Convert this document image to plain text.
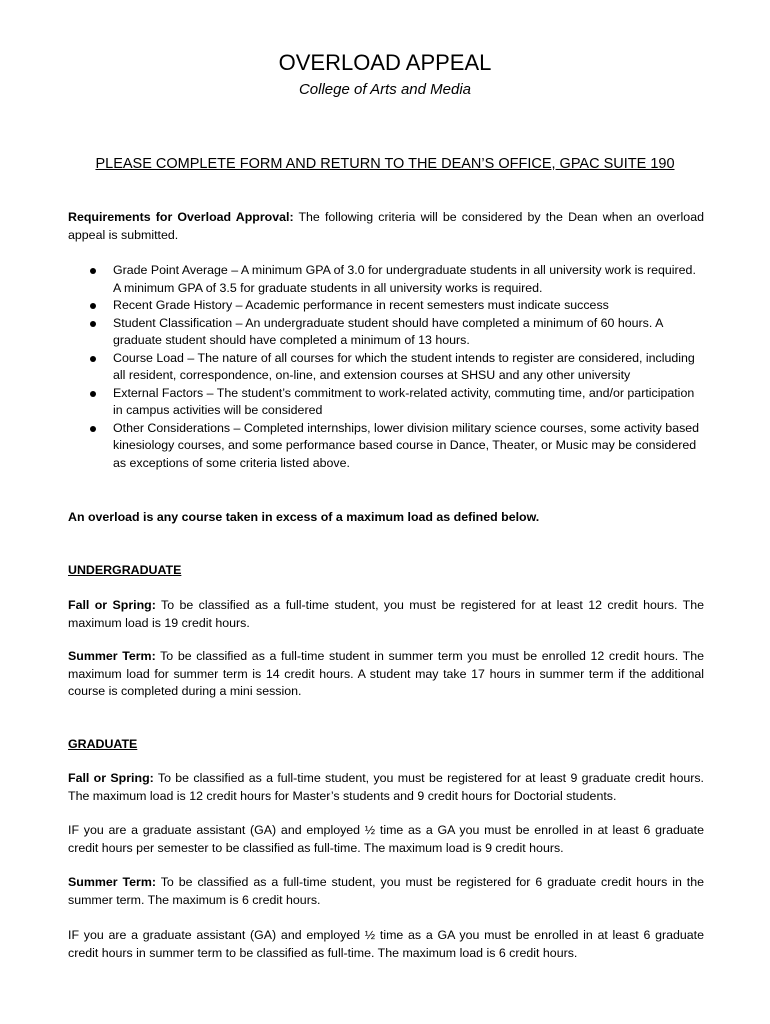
OVERLOAD APPEAL
College of Arts and Media
PLEASE COMPLETE FORM AND RETURN TO THE DEAN’S OFFICE, GPAC SUITE 190

Requirements for Overload Approval: The following criteria will be considered by the Dean when an overload appeal is submitted.

Grade Point Average – A minimum GPA of 3.0 for undergraduate students in all university work is required. A minimum GPA of 3.5 for graduate students in all university works is required.
Recent Grade History – Academic performance in recent semesters must indicate success
Student Classification – An undergraduate student should have completed a minimum of 60 hours. A graduate student should have completed a minimum of 13 hours.
Course Load – The nature of all courses for which the student intends to register are considered, including all resident, correspondence, on-line, and extension courses at SHSU and any other university
External Factors – The student’s commitment to work-related activity, commuting time, and/or participation in campus activities will be considered
Other Considerations – Completed internships, lower division military science courses, some activity based kinesiology courses, and some performance based course in Dance, Theater, or Music may be considered as exceptions of some criteria listed above.

An overload is any course taken in excess of a maximum load as defined below.

UNDERGRADUATE

Fall or Spring: To be classified as a full-time student, you must be registered for at least 12 credit hours. The maximum load is 19 credit hours.

Summer Term: To be classified as a full-time student in summer term you must be enrolled 12 credit hours. The maximum load for summer term is 14 credit hours. A student may take 17 hours in summer term if the additional course is completed during a mini session.

GRADUATE

Fall or Spring: To be classified as a full-time student, you must be registered for at least 9 graduate credit hours. The maximum load is 12 credit hours for Master’s students and 9 credit hours for Doctorial students.

IF you are a graduate assistant (GA) and employed ½ time as a GA you must be enrolled in at least 6 graduate credit hours per semester to be classified as full-time. The maximum load is 9 credit hours.

Summer Term: To be classified as a full-time student, you must be registered for 6 graduate credit hours in the summer term. The maximum is 6 credit hours.

IF you are a graduate assistant (GA) and employed ½ time as a GA you must be enrolled in at least 6 graduate credit hours in summer term to be classified as full-time. The maximum load is 6 credit hours.
